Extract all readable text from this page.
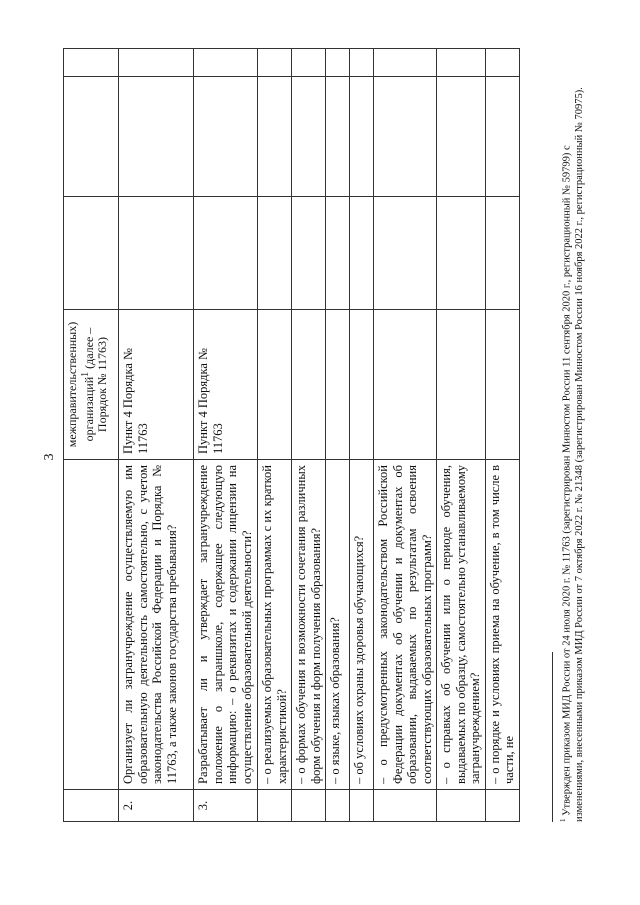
3
		межправительственных) организаций$^1$ (далее – Порядок № 11763)			
2.	Организует ли загранучреждение осуществляемую им образовательную деятельность самостоятельно, с учетом законодательства Российской Федерации и Порядка № 11763, а также законов государства пребывания?	Пункт 4 Порядка № 11763			
3.	Разрабатывает ли и утверждает загранучреждение положение о заграншколе, содержащее следующую информацию: – о реквизитах и содержании лицензии на осуществление образовательной деятельности?	Пункт 4 Порядка № 11763			
	– о реализуемых образовательных программах с их краткой характеристикой?				
	– о формах обучения и возможности сочетания различных форм обучения и форм получения образования?				
	– о языке, языках образования?				
	– об условиях охраны здоровья обучающихся?				
	– о предусмотренных законодательством Российской Федерации документах об обучении и документах об образовании, выдаваемых по результатам освоения соответствующих образовательных программ?				
	– о справках об обучении или о периоде обучения, выдаваемых по образцу, самостоятельно устанавливаемому загранучреждением?				
	– о порядке и условиях приема на обучение, в том числе в части, не				
$^1$ Утвержден приказом МИД России от 24 июля 2020 г. № 11763 (зарегистрирован Минюстом России 11 сентября 2020 г., регистрационный № 59799) с изменениями, внесенными приказом МИД России от 7 октября 2022 г. № 21348 (зарегистрирован Минюстом России 16 ноября 2022 г., регистрационный № 70975).
